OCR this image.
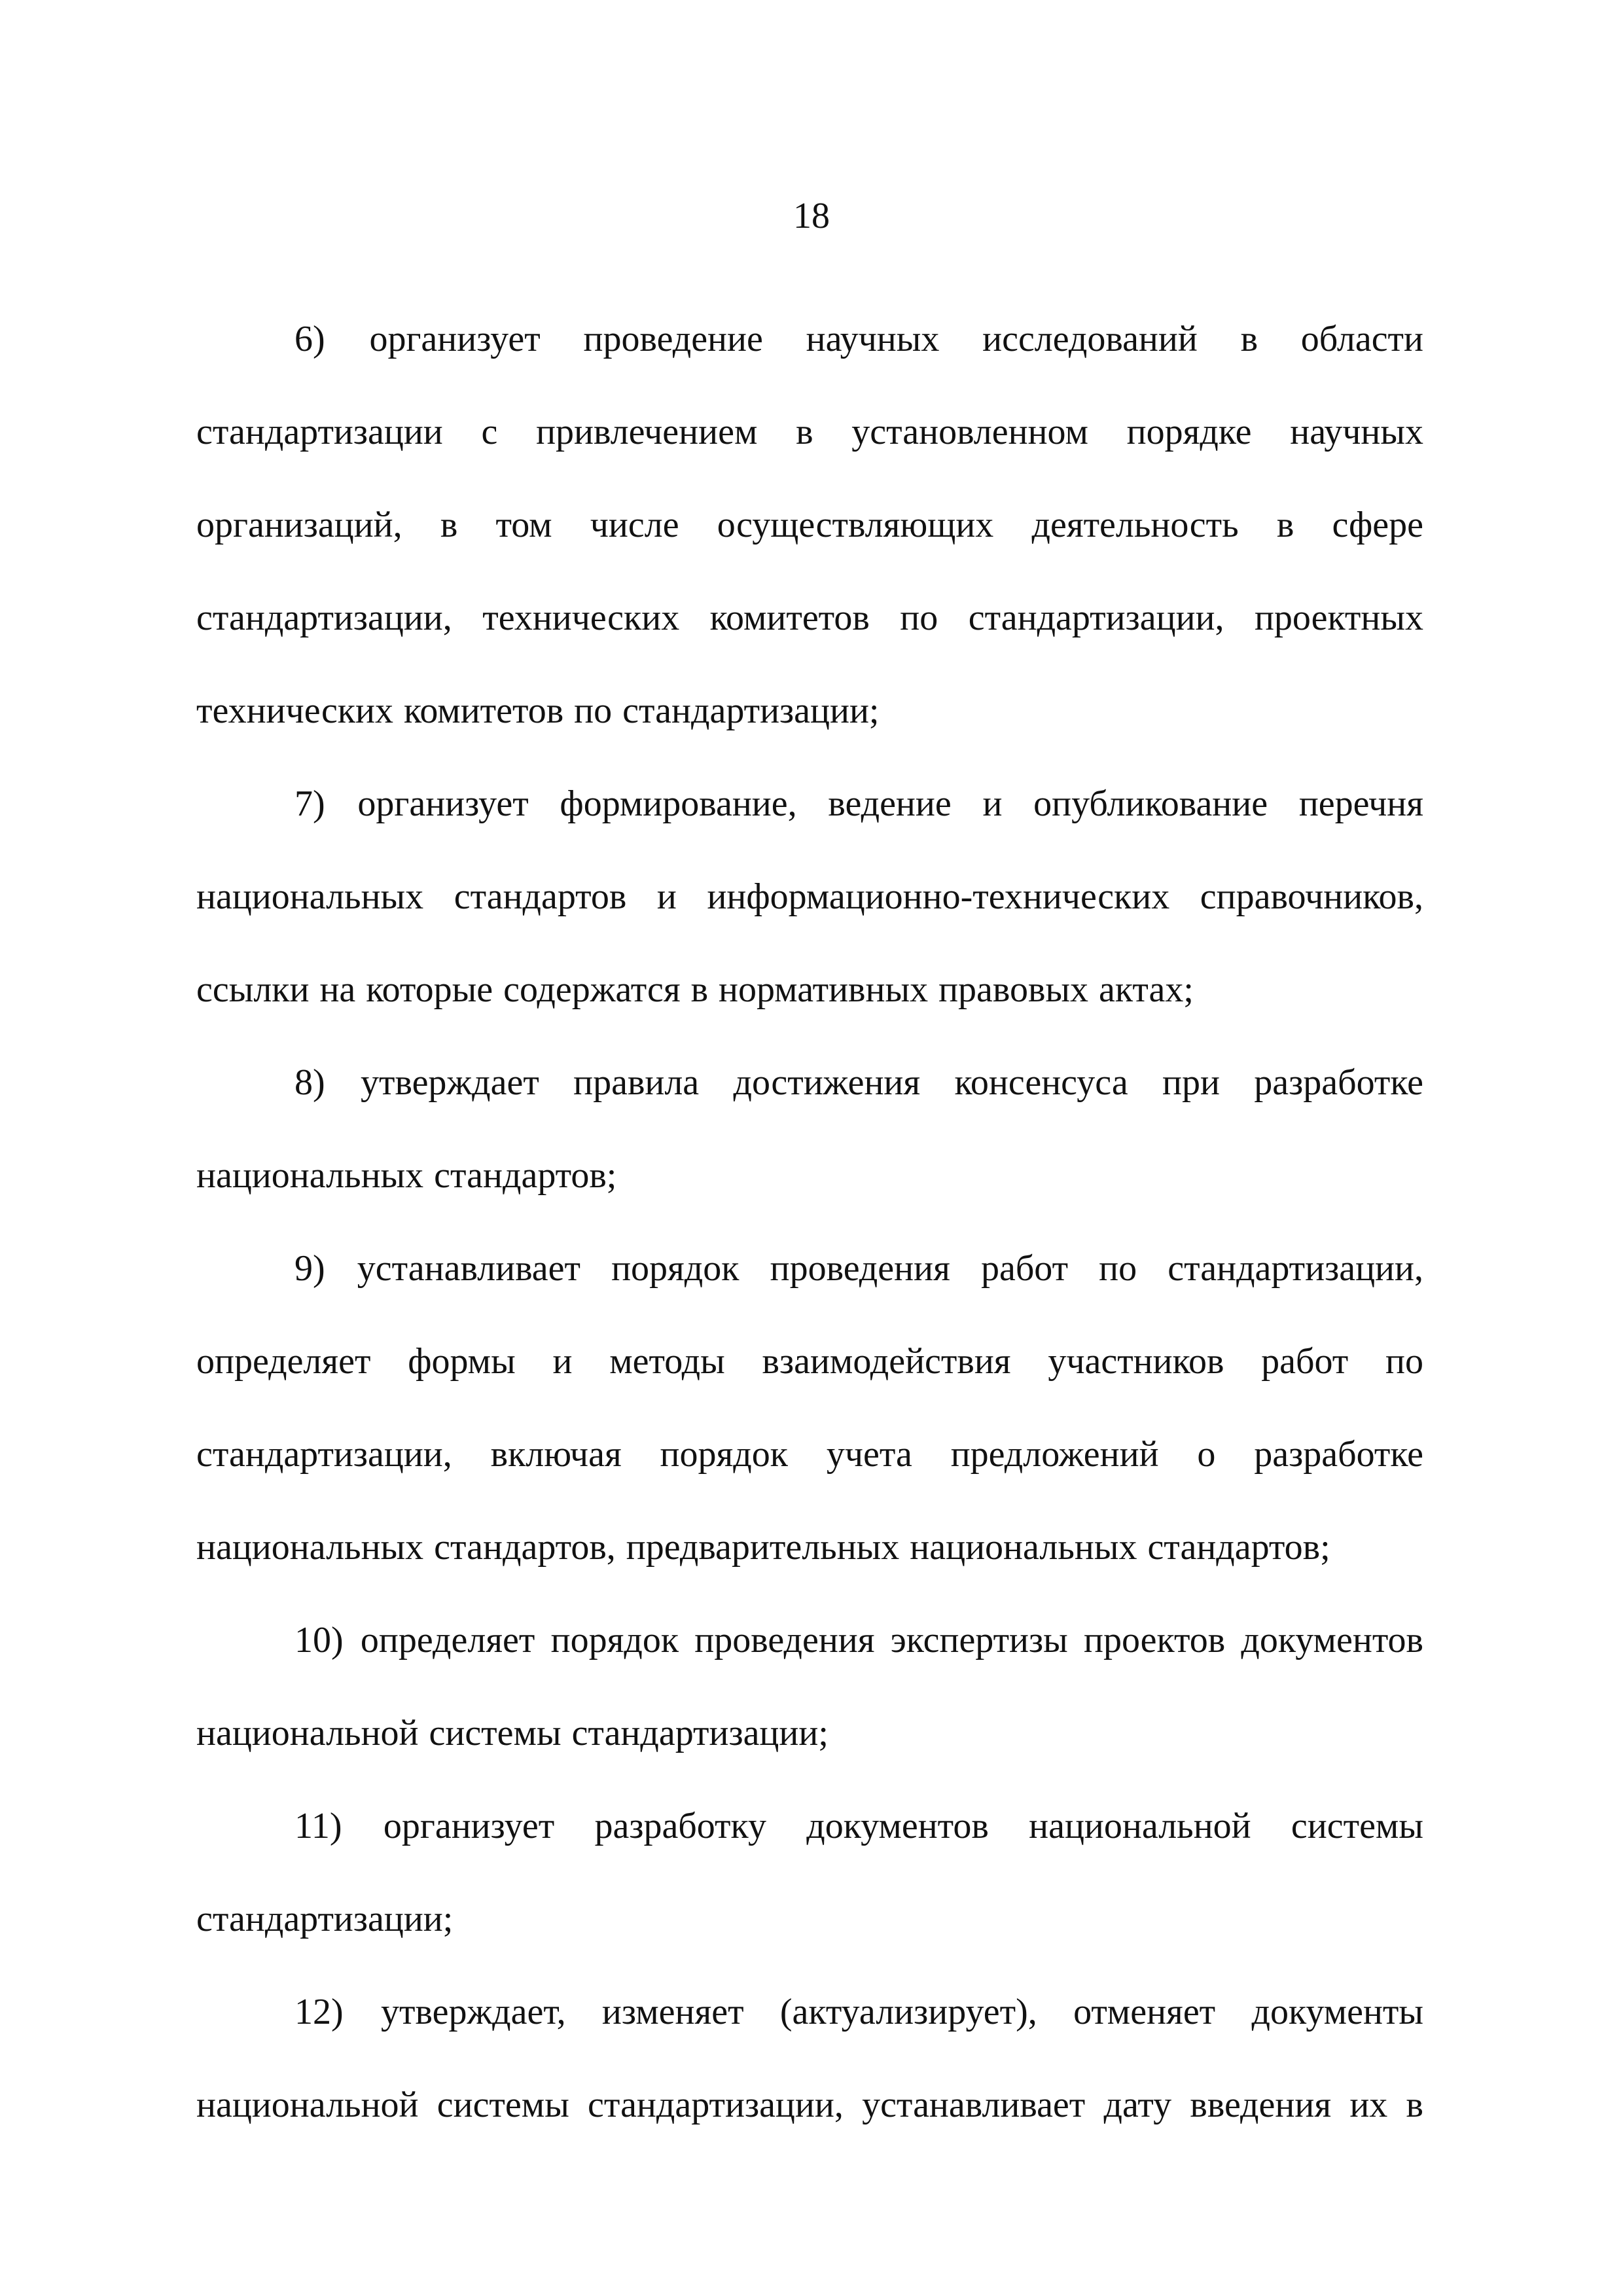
18

6) организует проведение научных исследований в области стандартизации с привлечением в установленном порядке научных организаций, в том числе осуществляющих деятельность в сфере стандартизации, технических комитетов по стандартизации, проектных технических комитетов по стандартизации;

7) организует формирование, ведение и опубликование перечня национальных стандартов и информационно-технических справочников, ссылки на которые содержатся в нормативных правовых актах;

8) утверждает правила достижения консенсуса при разработке национальных стандартов;

9) устанавливает порядок проведения работ по стандартизации, определяет формы и методы взаимодействия участников работ по стандартизации, включая порядок учета предложений о разработке национальных стандартов, предварительных национальных стандартов;

10) определяет порядок проведения экспертизы проектов документов национальной системы стандартизации;

11) организует разработку документов национальной системы стандартизации;

12) утверждает, изменяет (актуализирует), отменяет документы национальной системы стандартизации, устанавливает дату введения их в
